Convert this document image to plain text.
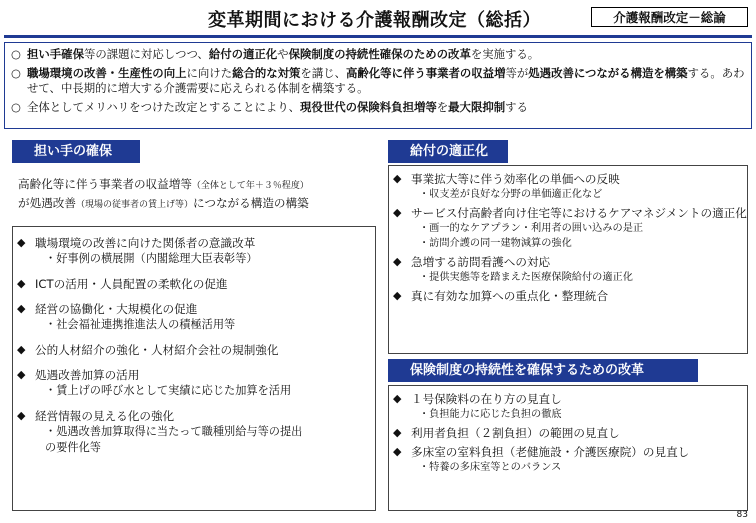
変革期間における介護報酬改定（総括）	介護報酬改定－総論
○ 担い手確保等の課題に対応しつつ、給付の適正化や保険制度の持続性確保のための改革を実施する。
○ 職場環境の改善・生産性の向上に向けた総合的な対策を講じ、高齢化等に伴う事業者の収益増等が処遇改善につながる構造を構築する。あわせて、中長期的に増大する介護需要に応えられる体制を構築する。
○ 全体としてメリハリをつけた改定とすることにより、現役世代の保険料負担増等を最大限抑制する
担い手の確保
高齢化等に伴う事業者の収益増等（全体として年＋３％程度）
が処遇改善（現場の従事者の賃上げ等）につながる構造の構築
◆ 職場環境の改善に向けた関係者の意識改革
・好事例の横展開（内閣総理大臣表彰等）
◆ ICTの活用・人員配置の柔軟化の促進
◆ 経営の協働化・大規模化の促進
・社会福祉連携推進法人の積極活用等
◆ 公的人材紹介の強化・人材紹介会社の規制強化
◆ 処遇改善加算の活用
・賃上げの呼び水として実績に応じた加算を活用
◆ 経営情報の見える化の強化
・処遇改善加算取得に当たって職種別給与等の提出
の要件化等
給付の適正化
◆ 事業拡大等に伴う効率化の単価への反映
・収支差が良好な分野の単価適正化など
◆ サービス付高齢者向け住宅等におけるケアマネジメントの適正化
・画一的なケアプラン・利用者の囲い込みの是正
・訪問介護の同一建物減算の強化
◆ 急増する訪問看護への対応
・提供実態等を踏まえた医療保険給付の適正化
◆ 真に有効な加算への重点化・整理統合
保険制度の持続性を確保するための改革
◆ １号保険料の在り方の見直し
・負担能力に応じた負担の徹底
◆ 利用者負担（２割負担）の範囲の見直し
◆ 多床室の室料負担（老健施設・介護医療院）の見直し
・特養の多床室等とのバランス
83
